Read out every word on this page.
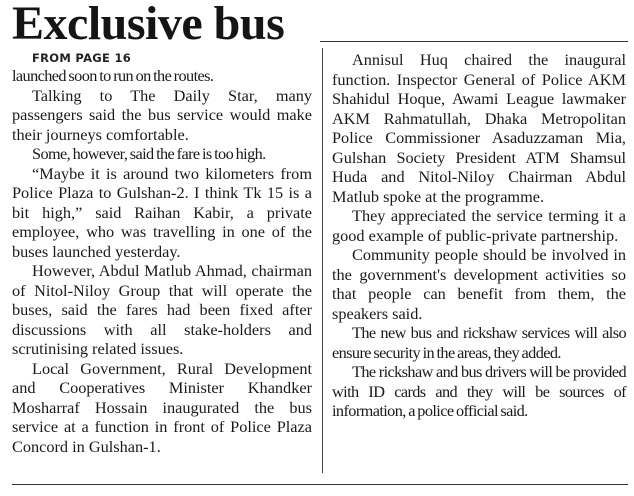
Exclusive bus

FROM PAGE 16

launched soon to run on the routes.

Talking to The Daily Star, many passengers said the bus service would make their journeys comfortable.

Some, however, said the fare is too high.

“Maybe it is around two kilometers from Police Plaza to Gulshan-2. I think Tk 15 is a bit high,” said Raihan Kabir, a private employee, who was travelling in one of the buses launched yesterday.

However, Abdul Matlub Ahmad, chairman of Nitol-Niloy Group that will operate the buses, said the fares had been fixed after discussions with all stake-holders and scrutinising related issues.

Local Government, Rural Development and Cooperatives Minister Khandker Mosharraf Hossain inaugurated the bus service at a function in front of Police Plaza Concord in Gulshan-1.

Annisul Huq chaired the inaugural function. Inspector General of Police AKM Shahidul Hoque, Awami League lawmaker AKM Rahmatullah, Dhaka Metropolitan Police Commissioner Asaduzzaman Mia, Gulshan Society President ATM Shamsul Huda and Nitol-Niloy Chairman Abdul Matlub spoke at the programme.

They appreciated the service terming it a good example of public-private partnership.

Community people should be involved in the government's development activities so that people can benefit from them, the speakers said.

The new bus and rickshaw services will also ensure security in the areas, they added.

The rickshaw and bus drivers will be provided with ID cards and they will be sources of information, a police official said.
